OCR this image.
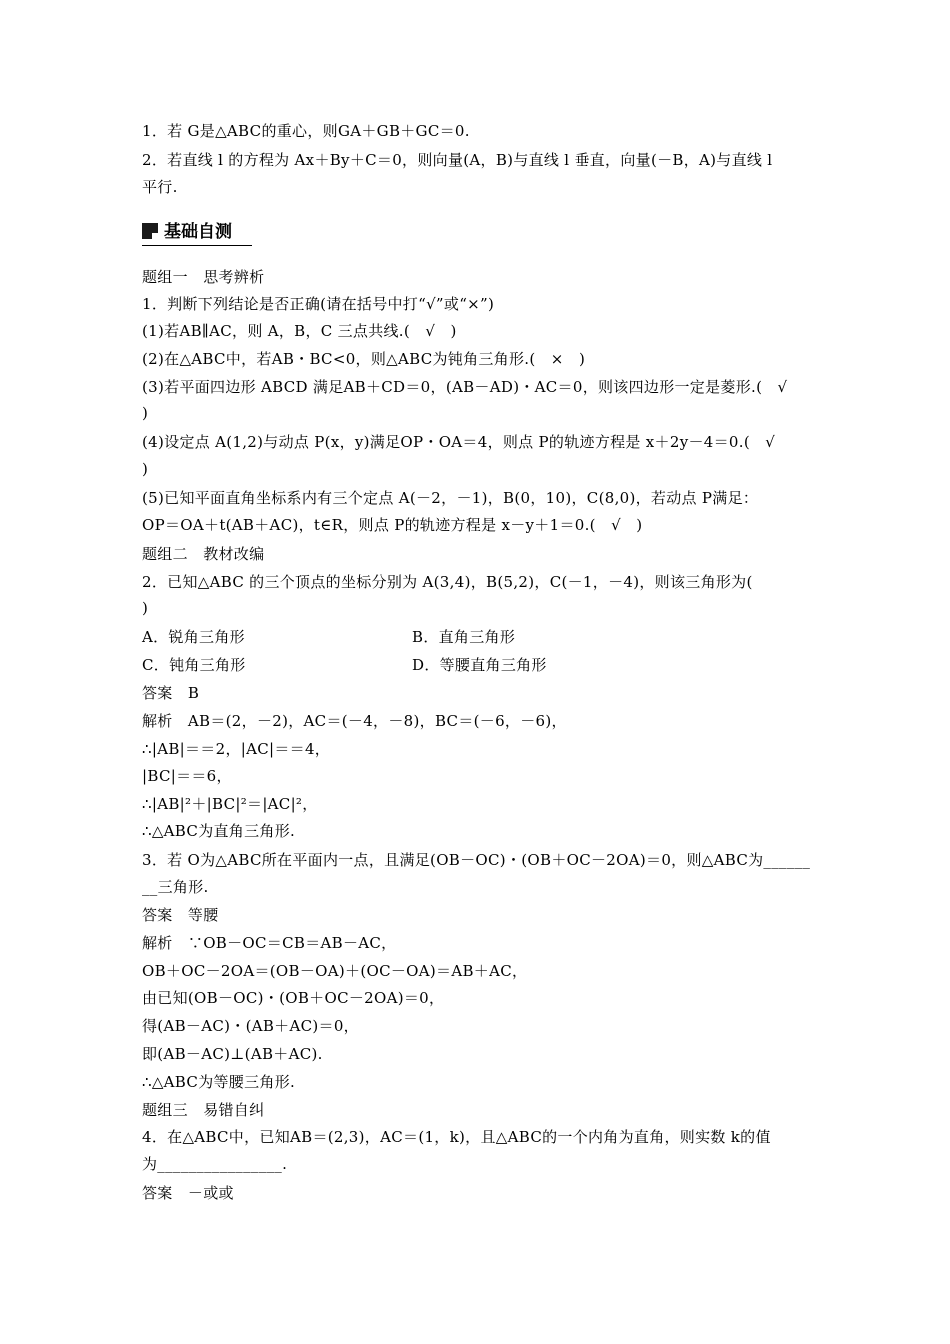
1．若 G是△ABC的重心，则GA＋GB＋GC＝0.
2．若直线 l 的方程为 Ax＋By＋C＝0，则向量(A，B)与直线 l 垂直，向量(－B，A)与直线 l
平行.
基础自测
题组一　思考辨析
1．判断下列结论是否正确(请在括号中打“√”或“×”)
(1)若AB∥AC，则 A，B，C 三点共线.(　√　)
(2)在△ABC中，若AB・BC<0，则△ABC为钝角三角形.(　×　)
(3)若平面四边形 ABCD 满足AB＋CD＝0，(AB－AD)・AC＝0，则该四边形一定是菱形.(　√
)
(4)设定点 A(1,2)与动点 P(x，y)满足OP・OA＝4，则点 P的轨迹方程是 x＋2y－4＝0.(　√
)
(5)已知平面直角坐标系内有三个定点 A(－2，－1)，B(0，10)，C(8,0)，若动点 P满足：
OP＝OA＋t(AB＋AC)，t∈R，则点 P的轨迹方程是 x－y＋1＝0.(　√　)
题组二　教材改编
2．已知△ABC 的三个顶点的坐标分别为 A(3,4)，B(5,2)，C(－1，－4)，则该三角形为(
)
A．锐角三角形	B．直角三角形
C．钝角三角形	D．等腰直角三角形
答案　B
解析　AB＝(2，－2)，AC＝(－4，－8)，BC＝(－6，－6)，
∴|AB|＝＝2，|AC|＝＝4，
|BC|＝＝6，
∴|AB|²＋|BC|²＝|AC|²，
∴△ABC为直角三角形.
3．若 O为△ABC所在平面内一点，且满足(OB－OC)・(OB＋OC－2OA)＝0，则△ABC为______
__三角形.
答案　等腰
解析　∵OB－OC＝CB＝AB－AC，
OB＋OC－2OA＝(OB－OA)＋(OC－OA)＝AB＋AC，
由已知(OB－OC)・(OB＋OC－2OA)＝0，
得(AB－AC)・(AB＋AC)＝0，
即(AB－AC)⊥(AB＋AC).
∴△ABC为等腰三角形.
题组三　易错自纠
4．在△ABC中，已知AB＝(2,3)，AC＝(1，k)，且△ABC的一个内角为直角，则实数 k的值
为________________.
答案　－或或
